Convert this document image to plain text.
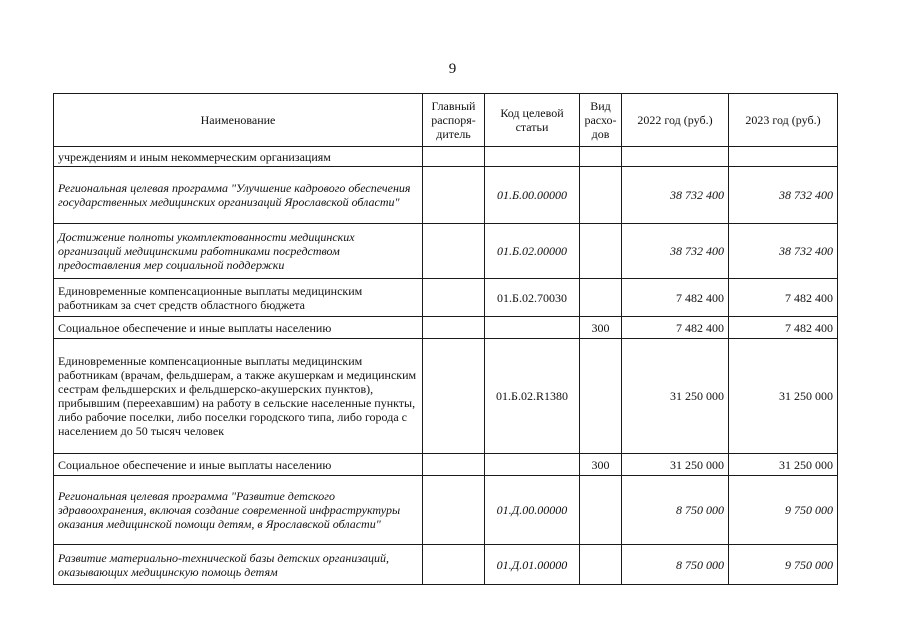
9
Наименование	Главный распоря-дитель	Код целевой статьи	Вид расхо-дов	2022 год (руб.)	2023 год (руб.)
учреждениям и иным некоммерческим организациям					
Региональная целевая программа "Улучшение кадрового обеспечения государственных медицинских организаций Ярославской области"		01.Б.00.00000		38 732 400	38 732 400
Достижение полноты укомплектованности медицинских организаций медицинскими работниками посредством предоставления мер социальной поддержки		01.Б.02.00000		38 732 400	38 732 400
Единовременные компенсационные выплаты медицинским работникам за счет средств областного бюджета		01.Б.02.70030		7 482 400	7 482 400
Социальное обеспечение и иные выплаты населению			300	7 482 400	7 482 400
Единовременные компенсационные выплаты медицинским работникам (врачам, фельдшерам, а также акушеркам и медицинским сестрам фельдшерских и фельдшерско-акушерских пунктов), прибывшим (переехавшим) на работу в сельские населенные пункты, либо рабочие поселки, либо поселки городского типа, либо города с населением до 50 тысяч человек		01.Б.02.R1380		31 250 000	31 250 000
Социальное обеспечение и иные выплаты населению			300	31 250 000	31 250 000
Региональная целевая программа "Развитие детского здравоохранения, включая создание современной инфраструктуры оказания медицинской помощи детям, в Ярославской области"		01.Д.00.00000		8 750 000	9 750 000
Развитие материально-технической базы детских организаций, оказывающих медицинскую помощь детям		01.Д.01.00000		8 750 000	9 750 000
